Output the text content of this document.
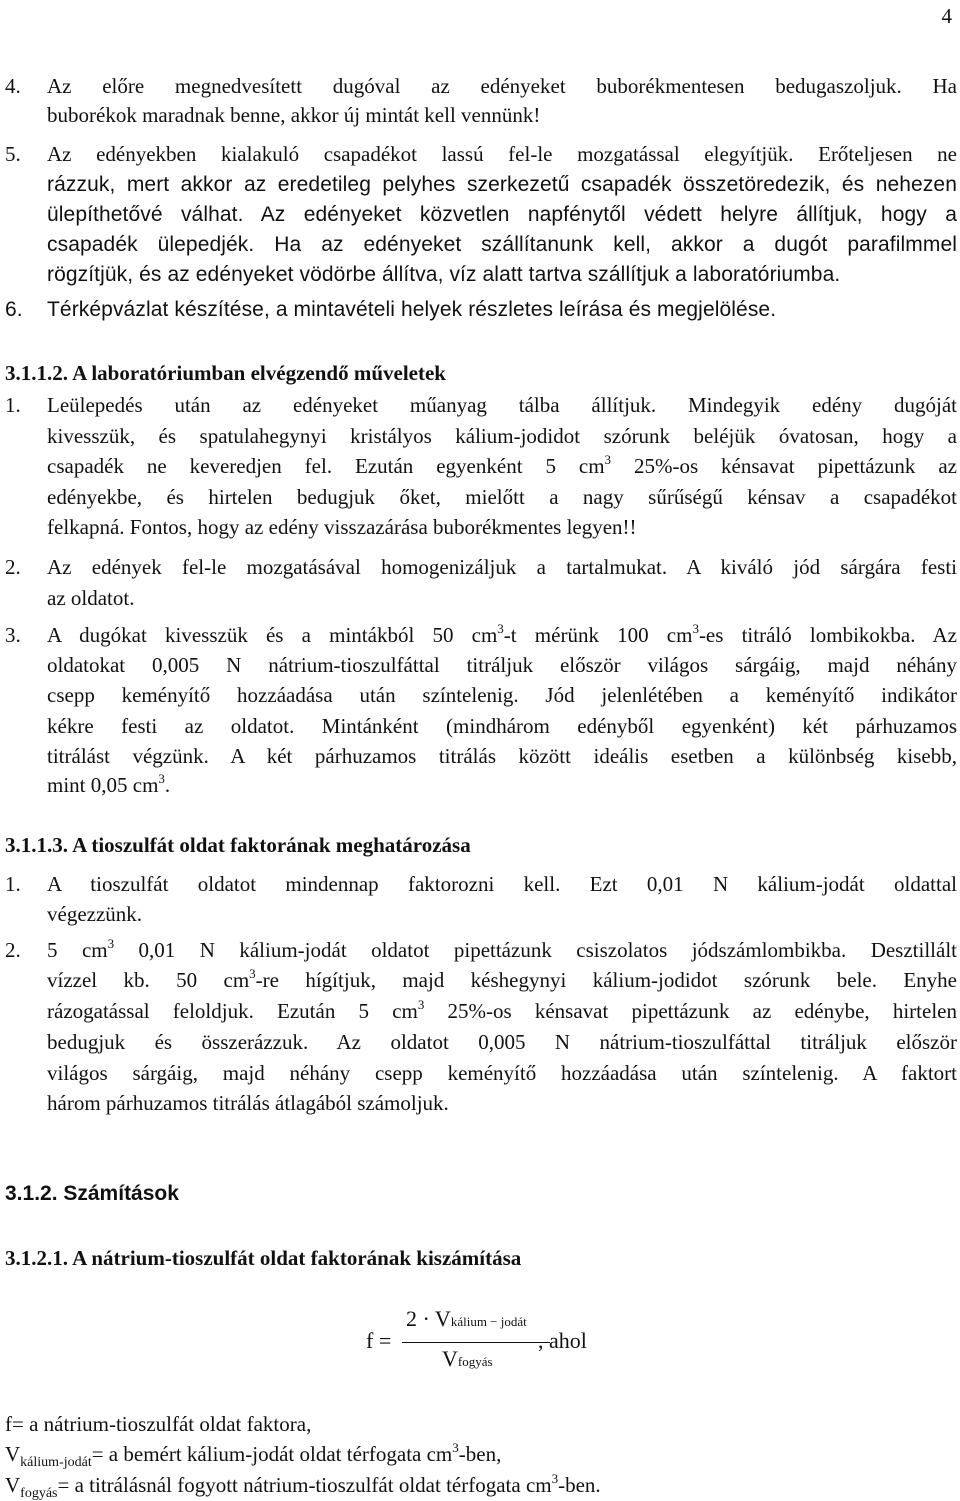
4
4. Az előre megnedvesített dugóval az edényeket buborékmentesen bedugaszoljuk. Ha
buborékok maradnak benne, akkor új mintát kell vennünk!
5. Az edényekben kialakuló csapadékot lassú fel-le mozgatással elegyítjük. Erőteljesen ne
rázzuk, mert akkor az eredetileg pelyhes szerkezetű csapadék összetöredezik, és nehezen
ülepíthetővé válhat. Az edényeket közvetlen napfénytől védett helyre állítjuk, hogy a
csapadék ülepedjék. Ha az edényeket szállítanunk kell, akkor a dugót parafilmmel
rögzítjük, és az edényeket vödörbe állítva, víz alatt tartva szállítjuk a laboratóriumba.
6. Térképvázlat készítése, a mintavételi helyek részletes leírása és megjelölése.
3.1.1.2. A laboratóriumban elvégzendő műveletek
1. Leülepedés után az edényeket műanyag tálba állítjuk. Mindegyik edény dugóját
kivesszük, és spatulahegynyi kristályos kálium-jodidot szórunk beléjük óvatosan, hogy a
csapadék ne keveredjen fel. Ezután egyenként 5 $cm^3$ 25%-os kénsavat pipettázunk az
edényekbe, és hirtelen bedugjuk őket, mielőtt a nagy sűrűségű kénsav a csapadékot
felkapná. Fontos, hogy az edény visszazárása buborékmentes legyen!!
2. Az edények fel-le mozgatásával homogenizáljuk a tartalmukat. A kiváló jód sárgára festi
az oldatot.
3. A dugókat kivesszük és a mintákból 50 $cm^3-t$ mérünk 100 $cm^3-es$ titráló lombikokba. Az
oldatokat 0,005 N nátrium-tioszulfáttal titráljuk először világos sárgáig, majd néhány
csepp keményítő hozzáadása után színtelenig. Jód jelenlétében a keményítő indikátor
kékre festi az oldatot. Mintánként (mindhárom edényből egyenként) két párhuzamos
titrálást végzünk. A két párhuzamos titrálás között ideális esetben a különbség kisebb,
mint 0,05 $cm^3$.
3.1.1.3. A tioszulfát oldat faktorának meghatározása
1. A tioszulfát oldatot mindennap faktorozni kell. Ezt 0,01 N kálium-jodát oldattal
végezzünk.
2. 5 $cm^3$ 0,01 N kálium-jodát oldatot pipettázunk csiszolatos jódszámlombikba. Desztillált
vízzel kb. 50 $cm^3-re$ hígítjuk, majd késhegynyi kálium-jodidot szórunk bele. Enyhe
rázogatással feloldjuk. Ezután 5 $cm^3$ 25%-os kénsavat pipettázunk az edénybe, hirtelen
bedugjuk és összerázzuk. Az oldatot 0,005 N nátrium-tioszulfáttal titráljuk először
világos sárgáig, majd néhány csepp keményítő hozzáadása után színtelenig. A faktort
három párhuzamos titrálás átlagából számoljuk.
3.1.2. Számítások
3.1.2.1. A nátrium-tioszulfát oldat faktorának kiszámítása
f =
2 · Vkálium − jodát
Vfogyás
, ahol
f= a nátrium-tioszulfát oldat faktora,
$V_{kálium-jodát}= a$ bemért kálium-jodát oldat térfogata $cm^3$-ben,
$V_{fogyás}= a$ titrálásnál fogyott nátrium-tioszulfát oldat térfogata $cm^3$-ben.
